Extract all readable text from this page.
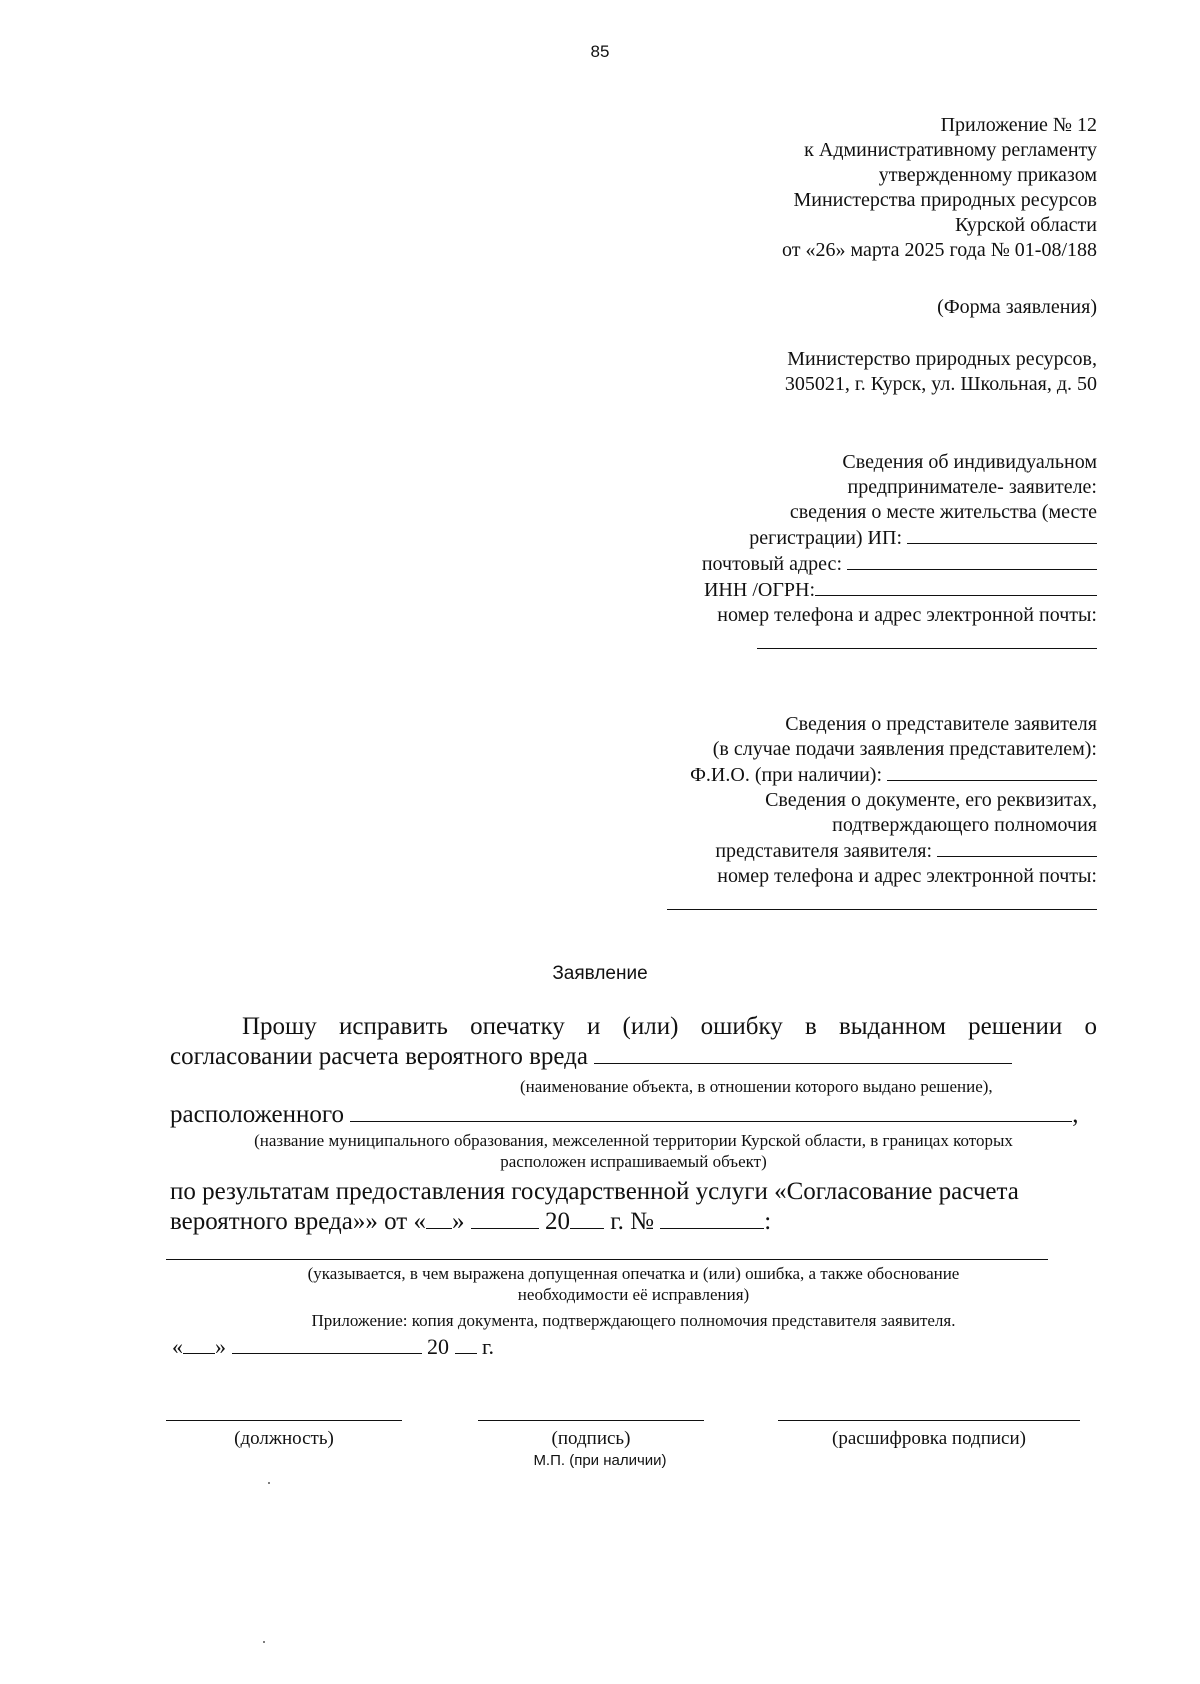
85
Приложение № 12
к Административному регламенту
утвержденному приказом
Министерства природных ресурсов
Курской области
от «26» марта 2025 года № 01-08/188
(Форма заявления)
Министерство природных ресурсов,
305021, г. Курск, ул. Школьная, д. 50
Сведения об индивидуальном
предпринимателе- заявителе:
сведения о месте жительства (месте
регистрации) ИП:
почтовый адрес:
ИНН /ОГРН:
номер телефона и адрес электронной почты:
Сведения о представителе заявителя
(в случае подачи заявления представителем):
Ф.И.О. (при наличии):
Сведения о документе, его реквизитах,
подтверждающего полномочия
представителя заявителя:
номер телефона и адрес электронной почты:
Заявление
Прошу исправить опечатку и (или) ошибку в выданном решении о
согласовании расчета вероятного вреда
(наименование объекта, в отношении которого выдано решение),
расположенного	,
(название муниципального образования, межселенной территории Курской области, в границах которых
расположен испрашиваемый объект)
по результатам предоставления государственной услуги «Согласование расчета
вероятного вреда»» от « »	20 г. №	:
(указывается, в чем выражена допущенная опечатка и (или) ошибка, а также обоснование
необходимости её исправления)
Приложение: копия документа, подтверждающего полномочия представителя заявителя.
« »	20 г.
(должность)	(подпись)	(расшифровка подписи)
М.П. (при наличии)
